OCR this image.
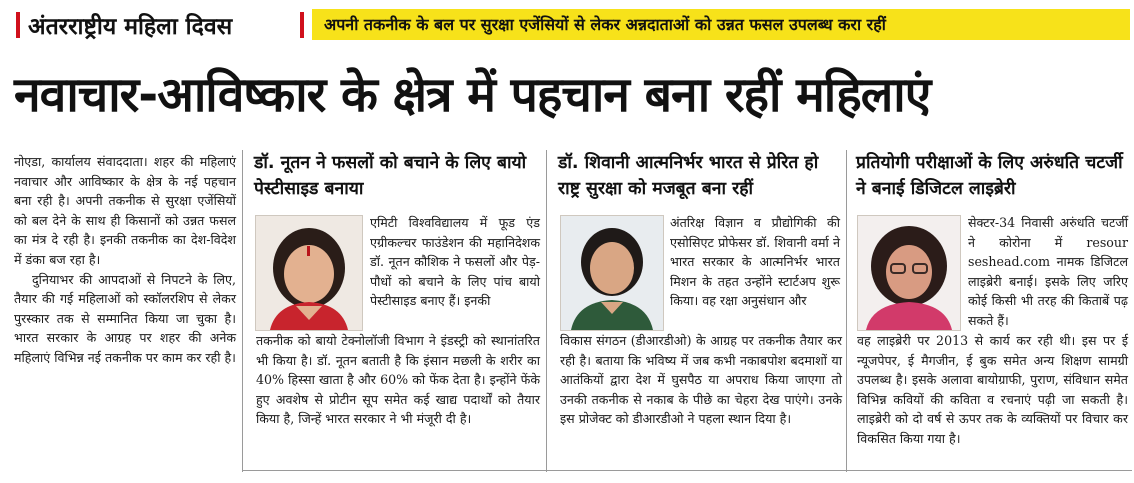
अंतरराष्ट्रीय महिला दिवस	अपनी तकनीक के बल पर सुरक्षा एजेंसियों से लेकर अन्नदाताओं को उन्नत फसल उपलब्ध करा रहीं
नवाचार-आविष्कार के क्षेत्र में पहचान बना रहीं महिलाएं

नोएडा, कार्यालय संवाददाता। शहर की महिलाएं नवाचार और आविष्कार के क्षेत्र के नई पहचान बना रही है। अपनी तकनीक से सुरक्षा एजेंसियों को बल देने के साथ ही किसानों को उन्नत फसल का मंत्र दे रही है। इनकी तकनीक का देश-विदेश में डंका बज रहा है।

दुनियाभर की आपदाओं से निपटने के लिए, तैयार की गई महिलाओं को स्कॉलरशिप से लेकर पुरस्कार तक से सम्मानित किया जा चुका है। भारत सरकार के आग्रह पर शहर की अनेक महिलाएं विभिन्न नई तकनीक पर काम कर रही है।

डॉ. नूतन ने फसलों को बचाने के लिए बायो पेस्टीसाइड बनाया

एमिटी विश्वविद्यालय में फूड एंड एग्रीकल्चर फाउंडेशन की महानिदेशक डॉ. नूतन कौशिक ने फसलों और पेड़-पौधों को बचाने के लिए पांच बायो पेस्टीसाइड बनाए हैं। इनकी

तकनीक को बायो टेक्नोलॉजी विभाग ने इंडस्ट्री को स्थानांतरित भी किया है। डॉ. नूतन बताती है कि इंसान मछली के शरीर का 40% हिस्सा खाता है और 60% को फेंक देता है। इन्होंने फेंके हुए अवशेष से प्रोटीन सूप समेत कई खाद्य पदार्थों को तैयार किया है, जिन्हें भारत सरकार ने भी मंजूरी दी है।

डॉ. शिवानी आत्मनिर्भर भारत से प्रेरित हो राष्ट्र सुरक्षा को मजबूत बना रहीं

अंतरिक्ष विज्ञान व प्रौद्योगिकी की एसोसिएट प्रोफेसर डॉ. शिवानी वर्मा ने भारत सरकार के आत्मनिर्भर भारत मिशन के तहत उन्होंने स्टार्टअप शुरू किया। वह रक्षा अनुसंधान और

विकास संगठन (डीआरडीओ) के आग्रह पर तकनीक तैयार कर रही है। बताया कि भविष्य में जब कभी नकाबपोश बदमाशों या आतंकियों द्वारा देश में घुसपैठ या अपराध किया जाएगा तो उनकी तकनीक से नकाब के पीछे का चेहरा देख पाएंगे। उनके इस प्रोजेक्ट को डीआरडीओ ने पहला स्थान दिया है।

प्रतियोगी परीक्षाओं के लिए अरुंधति चटर्जी ने बनाई डिजिटल लाइब्रेरी

सेक्टर-34 निवासी अरुंधति चटर्जी ने कोरोना में resour seshead.com नामक डिजिटल लाइब्रेरी बनाई। इसके लिए जरिए कोई किसी भी तरह की किताबें पढ़ सकते हैं।

वह लाइब्रेरी पर 2013 से कार्य कर रही थी। इस पर ई न्यूजपेपर, ई मैगजीन, ई बुक समेत अन्य शिक्षण सामग्री उपलब्ध है। इसके अलावा बायोग्राफी, पुराण, संविधान समेत विभिन्न कवियों की कविता व रचनाएं पढ़ी जा सकती है। लाइब्रेरी को दो वर्ष से ऊपर तक के व्यक्तियों पर विचार कर विकसित किया गया है।
